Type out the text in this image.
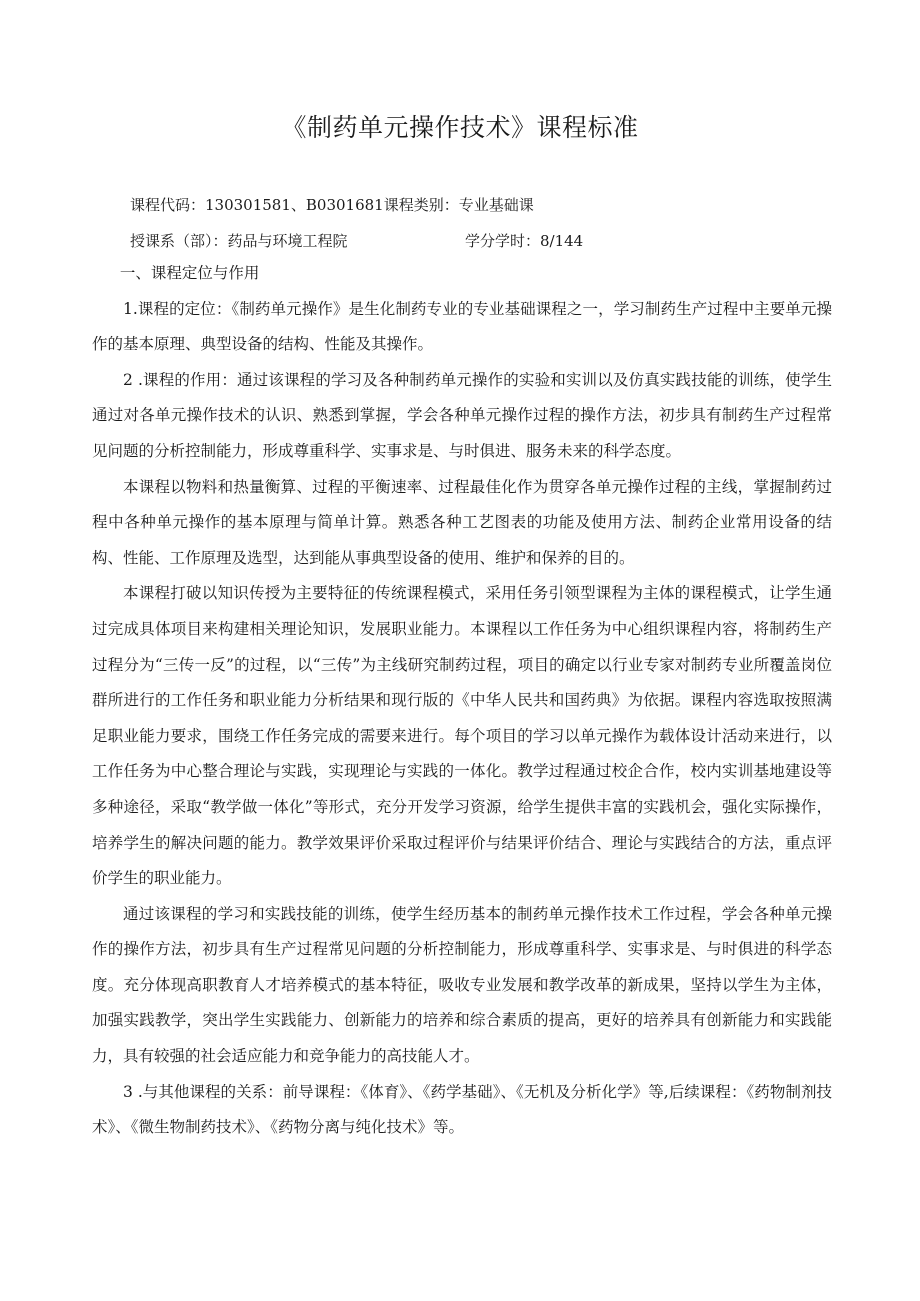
《制药单元操作技术》课程标准
课程代码：130301581、B0301681课程类别：专业基础课
授课系（部）：药品与环境工程院	学分学时：8/144

一、课程定位与作用

1.课程的定位：《制药单元操作》是生化制药专业的专业基础课程之一，学习制药生产过程中主要单元操作的基本原理、典型设备的结构、性能及其操作。

2 .课程的作用：通过该课程的学习及各种制药单元操作的实验和实训以及仿真实践技能的训练，使学生通过对各单元操作技术的认识、熟悉到掌握，学会各种单元操作过程的操作方法，初步具有制药生产过程常见问题的分析控制能力，形成尊重科学、实事求是、与时俱进、服务未来的科学态度。

本课程以物料和热量衡算、过程的平衡速率、过程最佳化作为贯穿各单元操作过程的主线，掌握制药过程中各种单元操作的基本原理与简单计算。熟悉各种工艺图表的功能及使用方法、制药企业常用设备的结构、性能、工作原理及选型，达到能从事典型设备的使用、维护和保养的目的。

本课程打破以知识传授为主要特征的传统课程模式，采用任务引领型课程为主体的课程模式，让学生通过完成具体项目来构建相关理论知识，发展职业能力。本课程以工作任务为中心组织课程内容，将制药生产过程分为“三传一反”的过程，以“三传”为主线研究制药过程，项目的确定以行业专家对制药专业所覆盖岗位群所进行的工作任务和职业能力分析结果和现行版的《中华人民共和国药典》为依据。课程内容选取按照满足职业能力要求，围绕工作任务完成的需要来进行。每个项目的学习以单元操作为载体设计活动来进行，以工作任务为中心整合理论与实践，实现理论与实践的一体化。教学过程通过校企合作，校内实训基地建设等多种途径，采取“教学做一体化”等形式，充分开发学习资源，给学生提供丰富的实践机会，强化实际操作，培养学生的解决问题的能力。教学效果评价采取过程评价与结果评价结合、理论与实践结合的方法，重点评价学生的职业能力。

通过该课程的学习和实践技能的训练，使学生经历基本的制药单元操作技术工作过程，学会各种单元操作的操作方法，初步具有生产过程常见问题的分析控制能力，形成尊重科学、实事求是、与时俱进的科学态度。充分体现高职教育人才培养模式的基本特征，吸收专业发展和教学改革的新成果，坚持以学生为主体，加强实践教学，突出学生实践能力、创新能力的培养和综合素质的提高，更好的培养具有创新能力和实践能力，具有较强的社会适应能力和竞争能力的高技能人才。

3 .与其他课程的关系：前导课程：《体育》、《药学基础》、《无机及分析化学》等,后续课程：《药物制剂技术》、《微生物制药技术》、《药物分离与纯化技术》等。
